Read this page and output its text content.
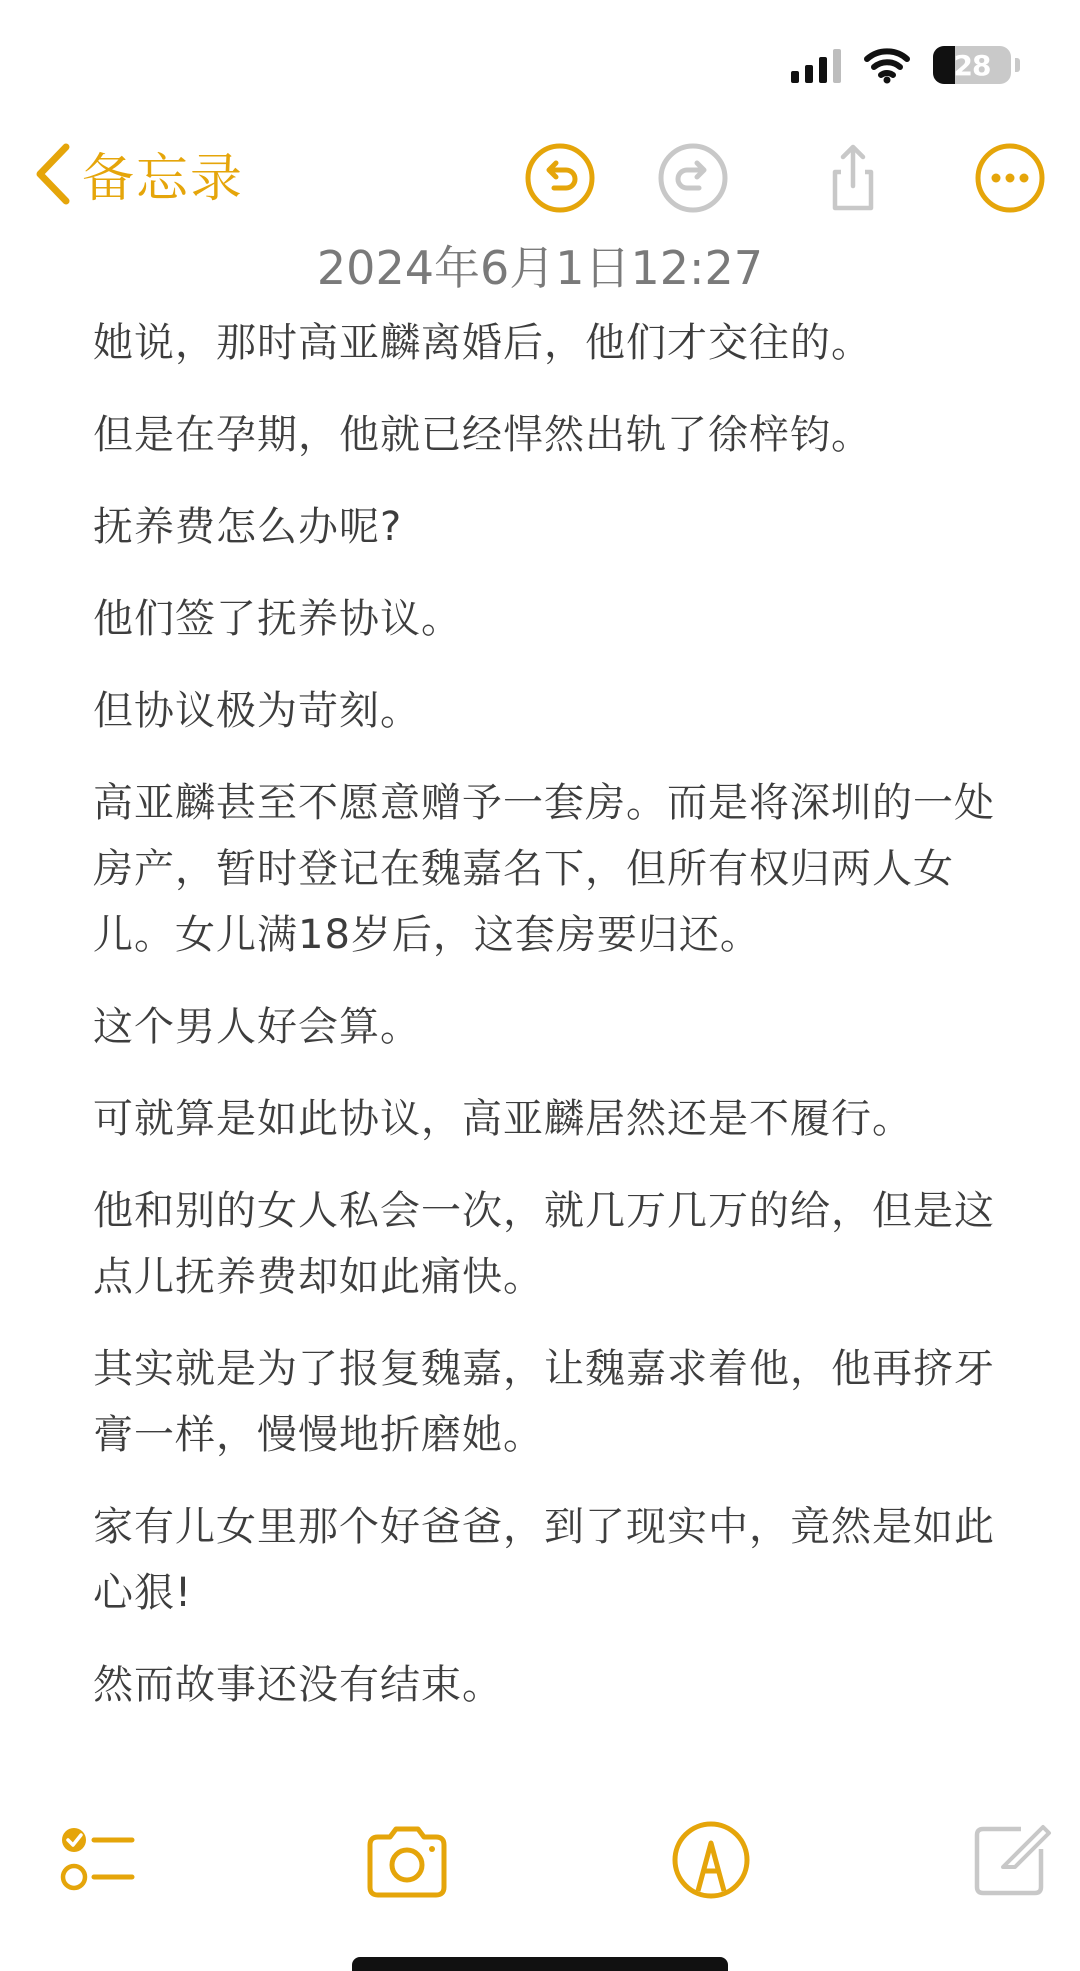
28
备忘录
2024年6月1日12:27

她说，那时高亚麟离婚后，他们才交往的。

但是在孕期，他就已经悍然出轨了徐梓钧。

抚养费怎么办呢?

他们签了抚养协议。

但协议极为苛刻。

高亚麟甚至不愿意赠予一套房。而是将深圳的一处房产，暂时登记在魏嘉名下，但所有权归两人女儿。女儿满18岁后，这套房要归还。

这个男人好会算。

可就算是如此协议，高亚麟居然还是不履行。

他和别的女人私会一次，就几万几万的给，但是这点儿抚养费却如此痛快。

其实就是为了报复魏嘉，让魏嘉求着他，他再挤牙膏一样，慢慢地折磨她。

家有儿女里那个好爸爸，到了现实中，竟然是如此心狠!

然而故事还没有结束。
